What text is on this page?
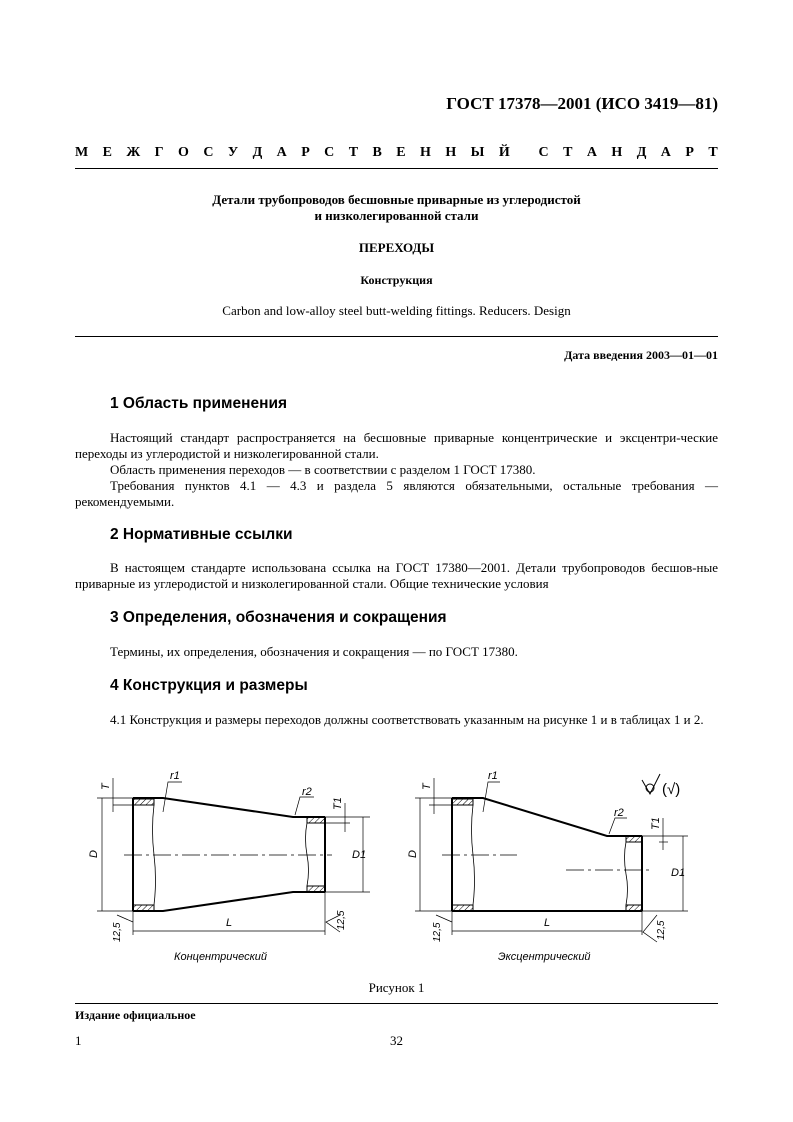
ГОСТ 17378—2001 (ИСО 3419—81)
М Е Ж Г О С У Д А Р С Т В Е Н Н Ы Й С Т А Н Д А Р Т
Детали трубопроводов бесшовные приварные из углеродистой
и низколегированной стали
ПЕРЕХОДЫ
Конструкция
Carbon and low-alloy steel butt-welding fittings. Reducers. Design
Дата введения 2003—01—01
1 Область применения
Настоящий стандарт распространяется на бесшовные приварные концентрические и эксцентри-ческие переходы из углеродистой и низколегированной стали.
Область применения переходов — в соответствии с разделом 1 ГОСТ 17380.
Требования пунктов 4.1 — 4.3 и раздела 5 являются обязательными, остальные требования — рекомендуемыми.
2 Нормативные ссылки
В настоящем стандарте использована ссылка на ГОСТ 17380—2001. Детали трубопроводов бесшов-ные приварные из углеродистой и низколегированной стали. Общие технические условия
3 Определения, обозначения и сокращения
Термины, их определения, обозначения и сокращения — по ГОСТ 17380.
4 Конструкция и размеры
4.1 Конструкция и размеры переходов должны соответствовать указанным на рисунке 1 и в таблицах 1 и 2.
r1
r2
D	D1
T
T1
L
12,5
12,5
Концентрический
r1
r2
D
D1
T
T1
L
12,5	12,5
(√)
Эксцентрический
Рисунок 1
Издание официальное
1	32
